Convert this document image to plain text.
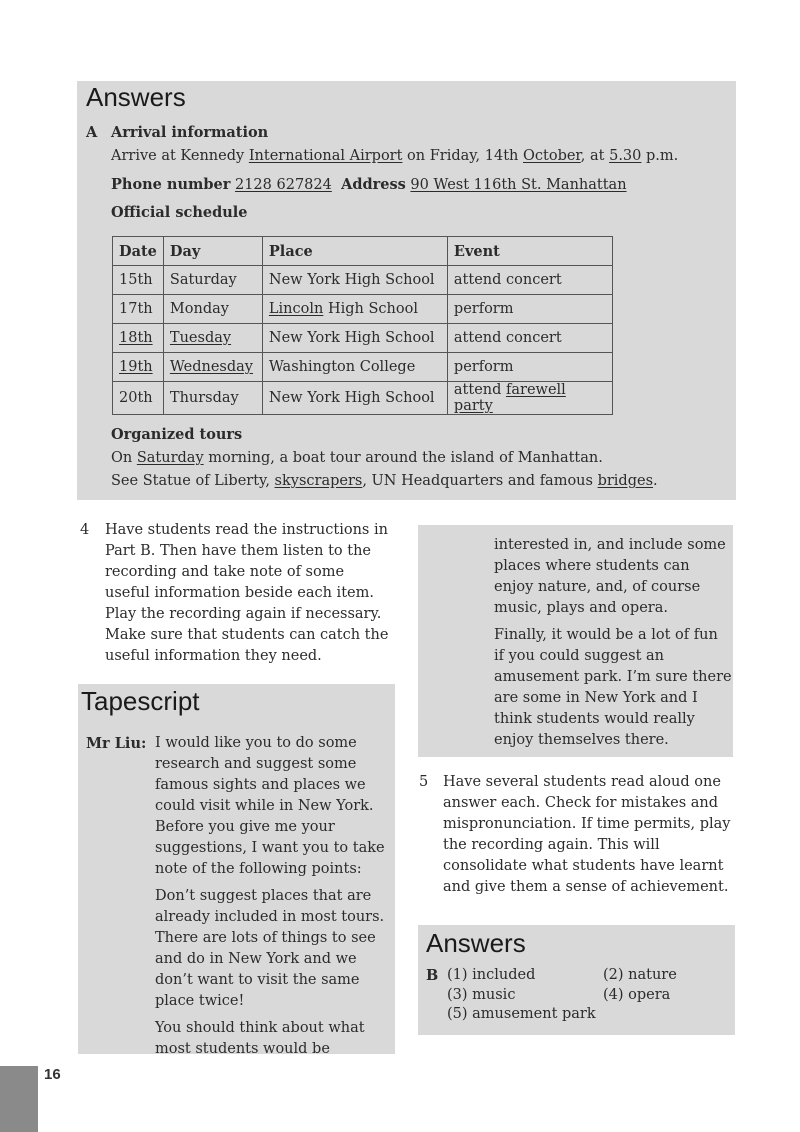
Answers
A Arrival information
Arrive at Kennedy International Airport on Friday, 14th October, at 5.30 p.m.
Phone number 2128 627824 Address 90 West 116th St. Manhattan
Official schedule
Date	Day	Place	Event
15th	Saturday	New York High School	attend concert
17th	Monday	Lincoln High School	perform
18th	Tuesday	New York High School	attend concert
19th	Wednesday	Washington College	perform
20th	Thursday	New York High School	attend farewell party
Organized tours
On Saturday morning, a boat tour around the island of Manhattan.
See Statue of Liberty, skyscrapers, UN Headquarters and famous bridges.
4 Have students read the instructions in Part B. Then have them listen to the recording and take note of some useful information beside each item. Play the recording again if necessary. Make sure that students can catch the useful information they need.
Tapescript
Mr Liu: I would like you to do some research and suggest some famous sights and places we could visit while in New York. Before you give me your suggestions, I want you to take note of the following points:

Don’t suggest places that are already included in most tours. There are lots of things to see and do in New York and we don’t want to visit the same place twice!

You should think about what most students would be

interested in, and include some places where students can enjoy nature, and, of course music, plays and opera.

Finally, it would be a lot of fun if you could suggest an amusement park. I’m sure there are some in New York and I think students would really enjoy themselves there.

5 Have several students read aloud one answer each. Check for mistakes and mispronunciation. If time permits, play the recording again. This will consolidate what students have learnt and give them a sense of achievement.
Answers
B (1) included	(2) nature
(3) music	(4) opera
(5) amusement park
16
